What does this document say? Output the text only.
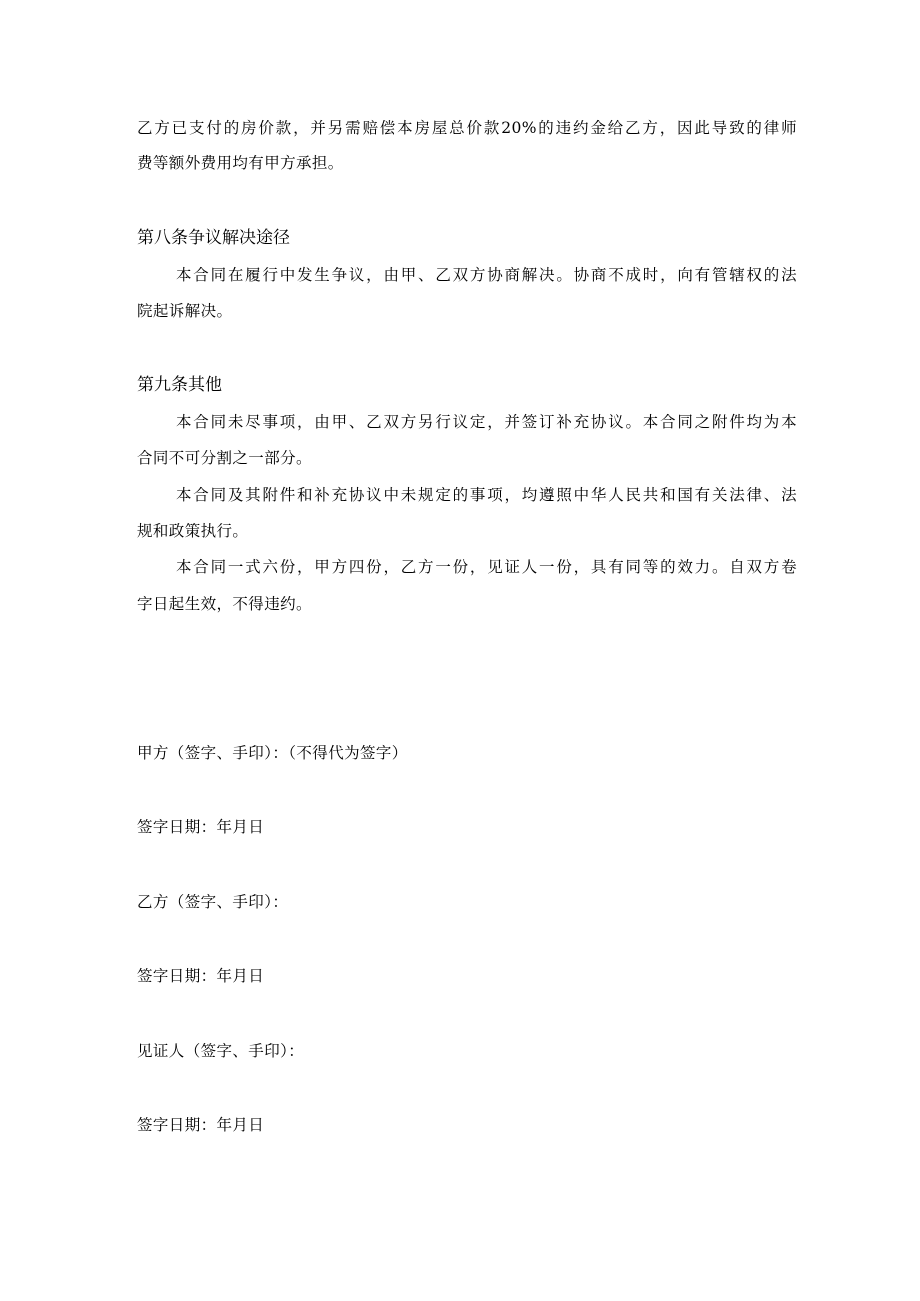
乙方已支付的房价款，并另需赔偿本房屋总价款20%的违约金给乙方，因此导致的律师
费等额外费用均有甲方承担。
第八条争议解决途径
本合同在履行中发生争议，由甲、乙双方协商解决。协商不成时，向有管辖权的法
院起诉解决。
第九条其他
本合同未尽事项，由甲、乙双方另行议定，并签订补充协议。本合同之附件均为本
合同不可分割之一部分。
本合同及其附件和补充协议中未规定的事项，均遵照中华人民共和国有关法律、法
规和政策执行。
本合同一式六份，甲方四份，乙方一份，见证人一份，具有同等的效力。自双方卷
字日起生效，不得违约。
甲方（签字、手印）：（不得代为签字）
签字日期：年月日
乙方（签字、手印）：
签字日期：年月日
见证人（签字、手印）：
签字日期：年月日
